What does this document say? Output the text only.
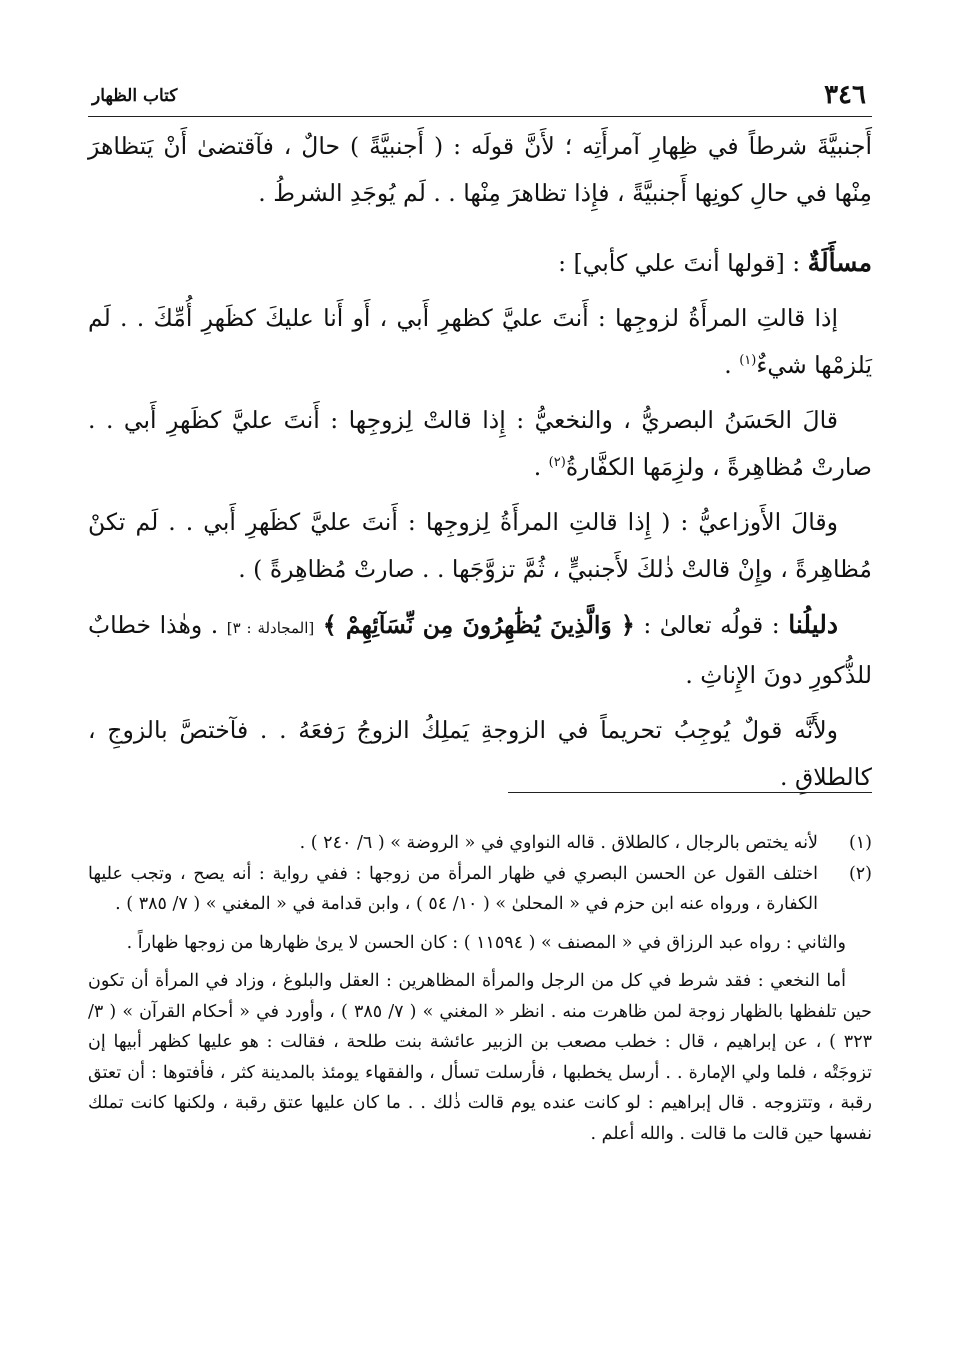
٣٤٦
كتاب الظهار

أَجنبيَّةَ شرطاً في ظِهارِ آمرأَتِه ؛ لأَنَّ قولَه : ( أَجنبيَّةً ) حالٌ ، فآقتضىٰ أَنْ يَتظاهرَ مِنْها في حالِ كونِها أَجنبيَّةً ، فإِذا تظاهرَ مِنْها . . لَم يُوجَدِ الشرطُ .

مسأَلَةٌ : [قولها أنتَ علي كأبي] :

إذا قالتِ المرأَةُ لزوجِها : أَنتَ عليَّ كظهرِ أَبي ، أَو أَنا عليكَ كظَهرِ أُمِّكَ . . لَم يَلزمْها شيءٌ$^{(١)}$ .

قالَ الحَسَنُ البصريُّ ، والنخعيُّ : إِذا قالتْ لِزوجِها : أَنتَ عليَّ كظَهرِ أَبي . . صارتْ مُظاهِرةً ، ولزِمَها الكفَّارةُ$^{(٢)}$ .

وقالَ الأَوزاعيُّ : ( إِذا قالتِ المرأَةُ لِزوجِها : أَنتَ عليَّ كظَهرِ أَبي . . لَم تكنْ مُظاهِرةً ، وإِنْ قالتْ ذٰلكَ لأَجنبيٍّ ، ثُمَّ تزوَّجَها . . صارتْ مُظاهِرةً ) .

دليلُنا : قولُه تعالىٰ : ﴿ وَالَّذِينَ يُظَٰهِرُونَ مِن نِّسَآئِهِمْ ﴾ [المجادلة : ٣] . وهٰذا خطابٌ للذُّكورِ دونَ الإِناثِ .

ولأَنَّه قولٌ يُوجِبُ تحريماً في الزوجةِ يَملِكُ الزوجُ رَفعَهُ . . فآختصَّ بالزوجِ ، كالطلاقِ .

(١)
لأنه يختص بالرجال ، كالطلاق . قاله النواوي في « الروضة » ( ٦/ ٢٤٠ ) .
(٢)
اختلف القول عن الحسن البصري في ظهار المرأة من زوجها : ففي رواية : أنه يصح ، وتجب عليها الكفارة ، ورواه عنه ابن حزم في « المحلىٰ » ( ١٠/ ٥٤ ) ، وابن قدامة في « المغني » ( ٧/ ٣٨٥ ) .

والثاني : رواه عبد الرزاق في « المصنف » ( ١١٥٩٤ ) : كان الحسن لا يرىٰ ظهارها من زوجها ظهاراً .

أما النخعي : فقد شرط في كل من الرجل والمرأة المظاهرين : العقل والبلوغ ، وزاد في المرأة أن تكون حين تلفظها بالظهار زوجة لمن ظاهرت منه . انظر « المغني » ( ٧/ ٣٨٥ ) ، وأورد في « أحكام القرآن » ( ٣/ ٣٢٣ ) ، عن إبراهيم ، قال : خطب مصعب بن الزبير عائشة بنت طلحة ، فقالت : هو عليها كظهر أبيها إن تزوجَتْه ، فلما ولي الإمارة . . أرسل يخطبها ، فأرسلت تسأل ، والفقهاء يومئذ بالمدينة كثر ، فأفتوها : أن تعتق رقبة ، وتتزوجه . قال إبراهيم : لو كانت عنده يوم قالت ذٰلك . . ما كان عليها عتق رقبة ، ولكنها كانت تملك نفسها حين قالت ما قالت . والله أعلم .
